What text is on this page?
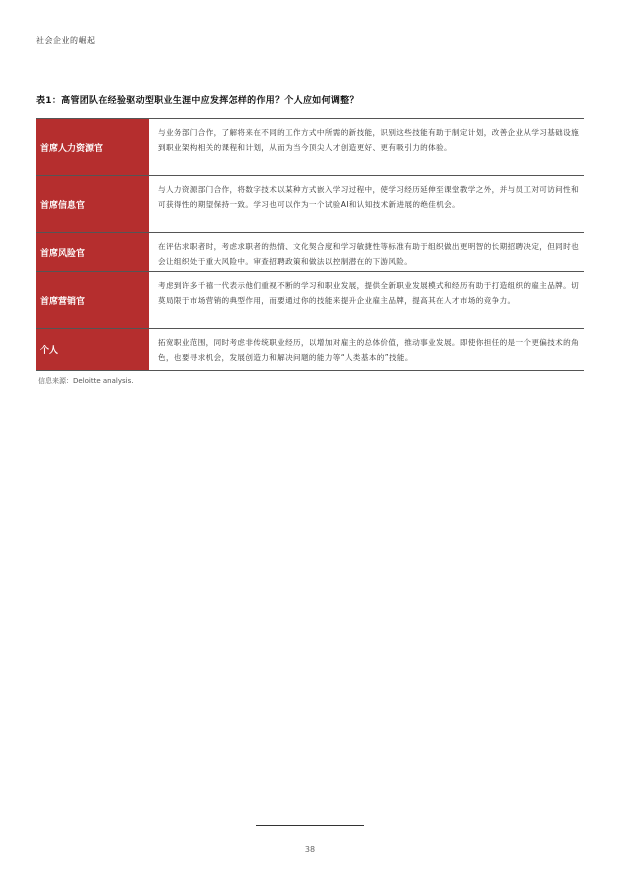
社会企业的崛起
表1：高管团队在经验驱动型职业生涯中应发挥怎样的作用？个人应如何调整？
首席人力资源官
与业务部门合作，了解将来在不同的工作方式中所需的新技能，识别这些技能有助于制定计划，改善企业从学习基础设施到职业架构相关的课程和计划，从而为当今顶尖人才创造更好、更有吸引力的体验。
首席信息官
与人力资源部门合作，将数字技术以某种方式嵌入学习过程中，使学习经历延伸至课堂教学之外，并与员工对可访问性和可获得性的期望保持一致。学习也可以作为一个试验AI和认知技术新进展的绝佳机会。
首席风险官
在评估求职者时，考虑求职者的热情、文化契合度和学习敏捷性等标准有助于组织做出更明智的长期招聘决定，但同时也会让组织处于重大风险中。审查招聘政策和做法以控制潜在的下游风险。
首席营销官
考虑到许多千禧一代表示他们重视不断的学习和职业发展，提供全新职业发展模式和经历有助于打造组织的雇主品牌。切莫局限于市场营销的典型作用，而要通过你的技能来提升企业雇主品牌，提高其在人才市场的竞争力。
个人
拓宽职业范围，同时考虑非传统职业经历，以增加对雇主的总体价值，推动事业发展。即使你担任的是一个更偏技术的角色，也要寻求机会，发展创造力和解决问题的能力等“人类基本的”技能。
信息来源：Deloitte analysis.
38
